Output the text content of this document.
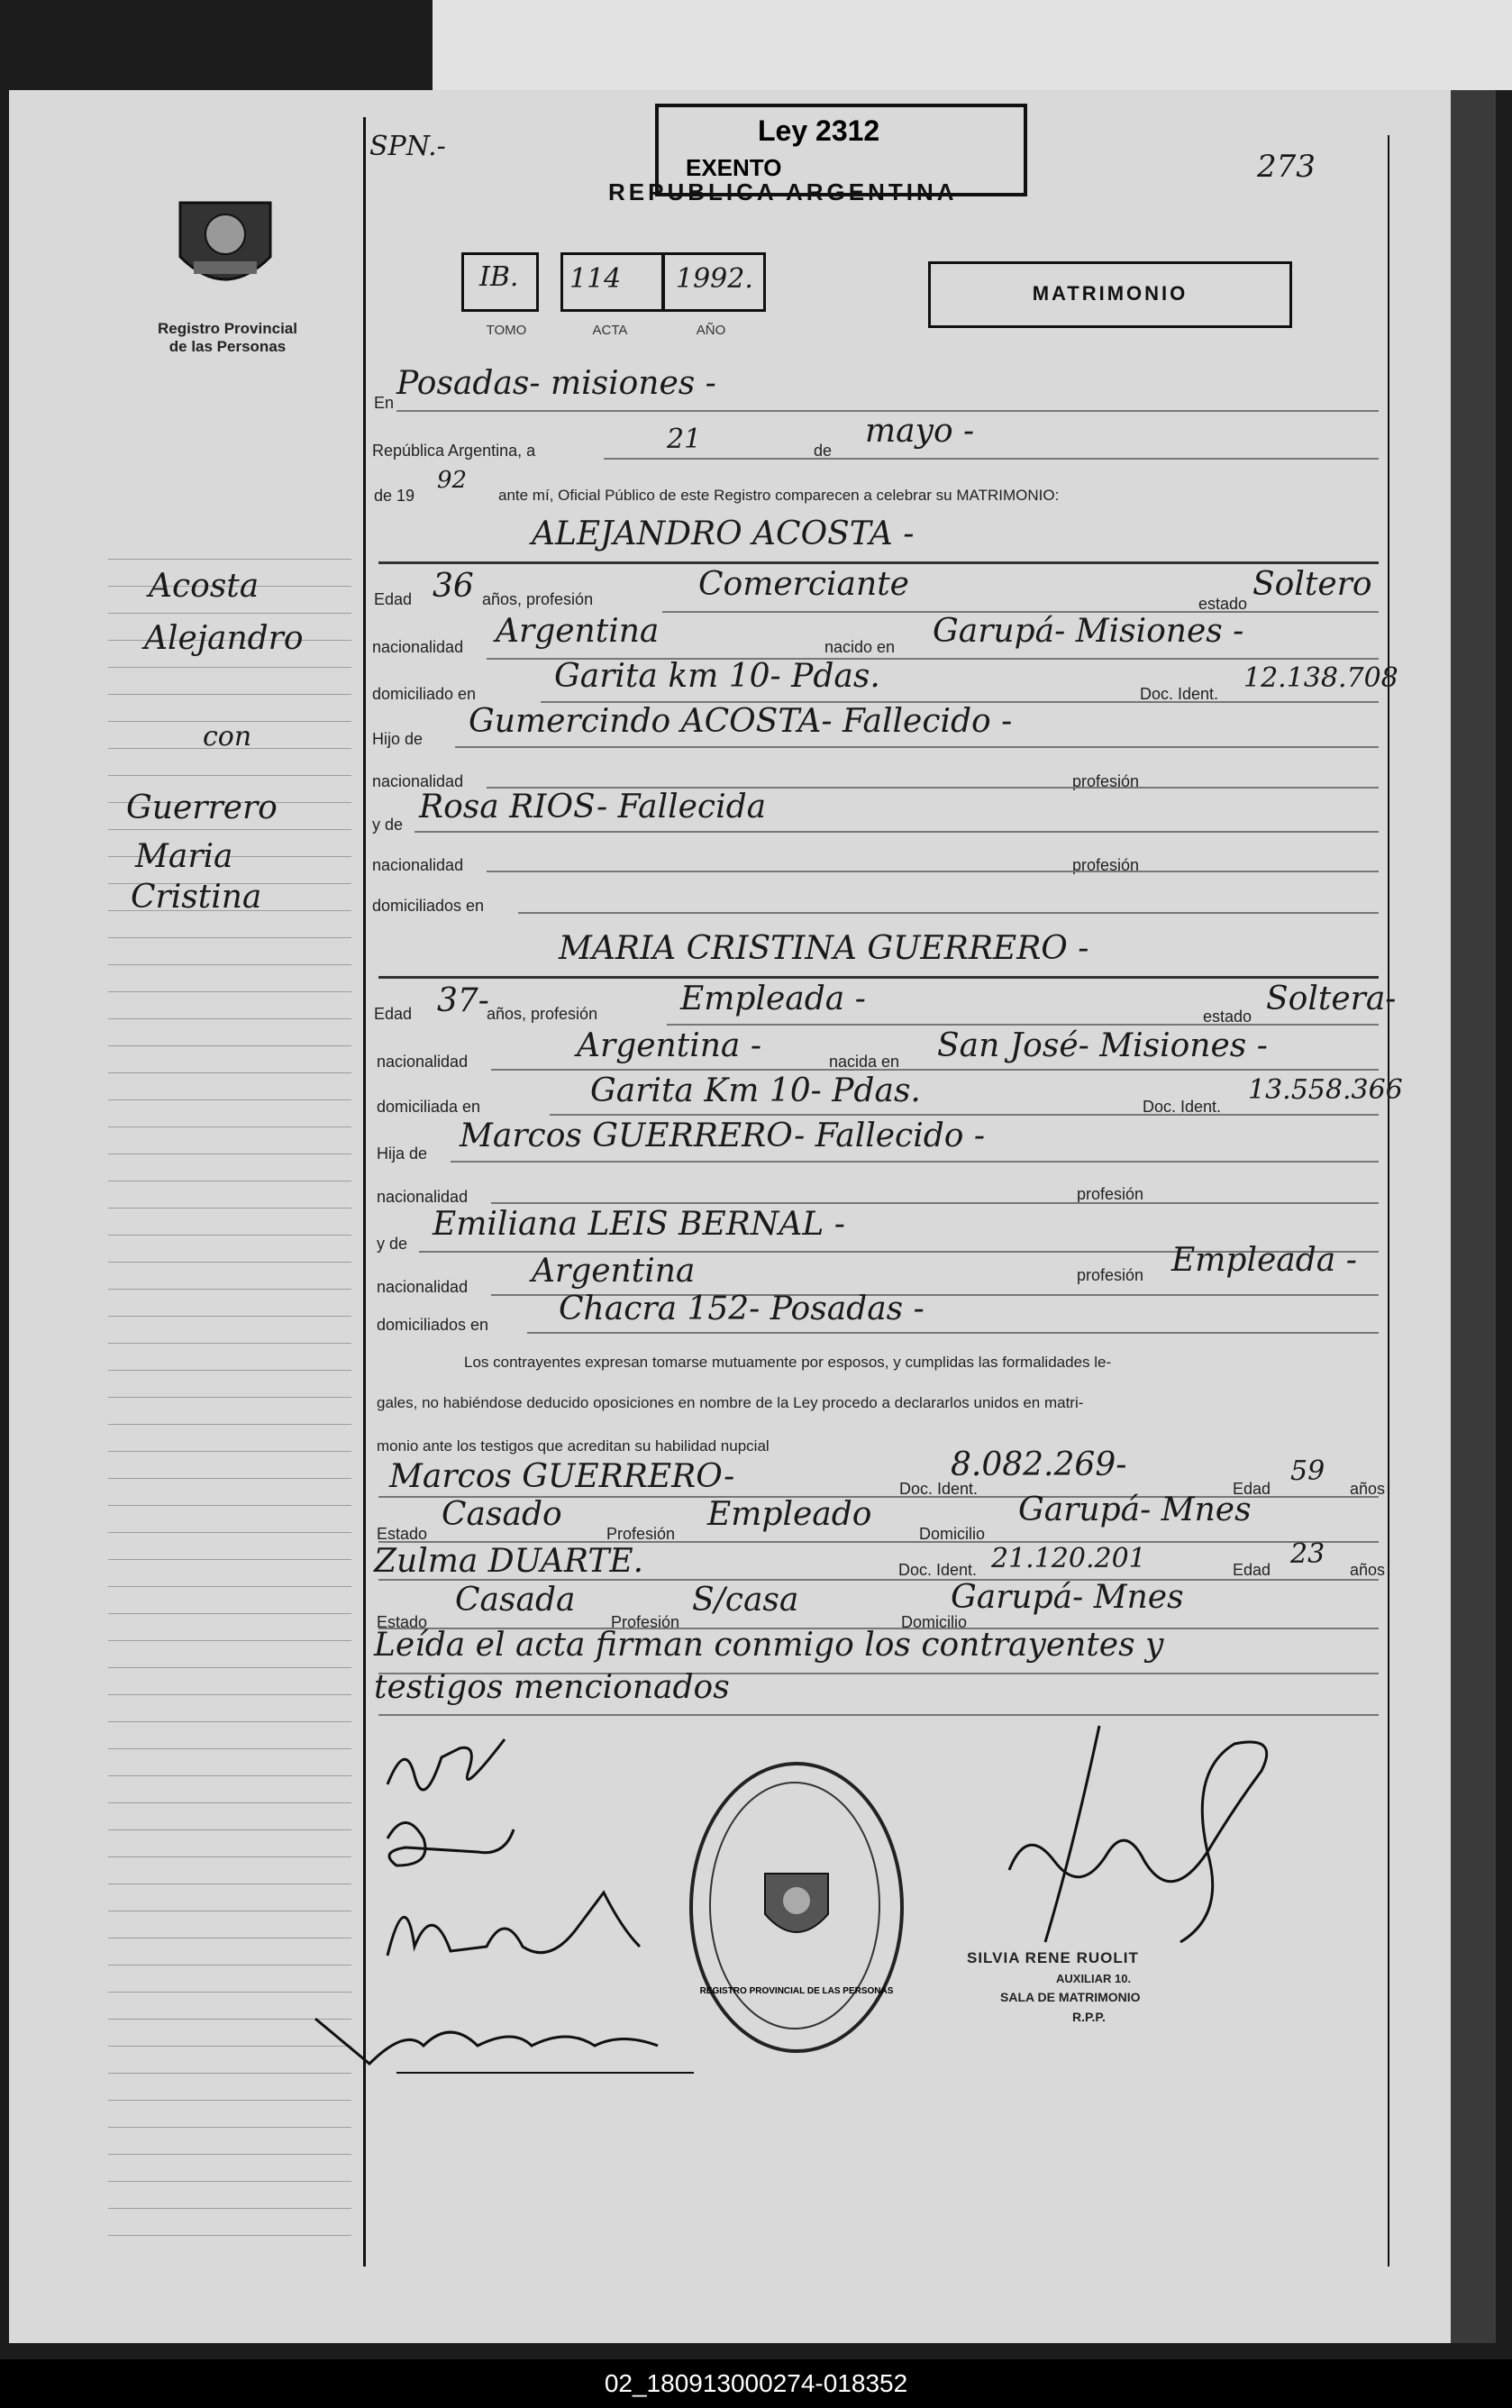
Registro Provincial
de las Personas
SPN.-	Ley 2312
EXENTO
REPUBLICA ARGENTINA
273
IB. 114 1992.
TOMO	ACTA	AÑO
MATRIMONIO
En
Posadas- misiones -
República Argentina, a	21	de
mayo -
de 19
92
ante mí, Oficial Público de este Registro comparecen a celebrar su MATRIMONIO:
Acosta
Alejandro
con
Guerrero
Maria
Cristina
ALEJANDRO ACOSTA -
Edad 36 años, profesión	Comerciante
estado
Soltero
nacionalidad Argentina	nacido en Garupá- Misiones -
domiciliado en Garita km 10- Pdas.	Doc. Ident. 12.138.708
Hijo de Gumercindo ACOSTA- Fallecido -
nacionalidad	profesión
y de Rosa RIOS- Fallecida
nacionalidad	profesión
domiciliados en
MARIA CRISTINA GUERRERO -
Edad 37-
años, profesión	Empleada -	estado Soltera-
nacionalidad	Argentina -	nacida en San José- Misiones -
domiciliada en	Garita Km 10- Pdas.	Doc. Ident.
13.558.366
Hija de Marcos GUERRERO- Fallecido -
nacionalidad	profesión
y de
Emiliana LEIS BERNAL -
nacionalidad Argentina	profesión Empleada -
domiciliados en Chacra 152- Posadas -
Los contrayentes expresan tomarse mutuamente por esposos, y cumplidas las formalidades le-
gales, no habiéndose deducido oposiciones en nombre de la Ley procedo a declararlos unidos en matri-
monio ante los testigos que acreditan su habilidad nupcial
Marcos GUERRERO-	Doc. Ident.
8.082.269-
Edad
59
años
Estado
Casado
Profesión
Empleado
Domicilio
Garupá- Mnes
Zulma DUARTE.	Doc. Ident. 21.120.201	Edad 23 años
Estado
Casada
Profesión
S/casa
Domicilio
Garupá- Mnes
Leída el acta firman conmigo los contrayentes y
testigos mencionados
REGISTRO PROVINCIAL DE LAS PERSONAS
SILVIA RENE RUOLIT
AUXILIAR 10.
SALA DE MATRIMONIO
R.P.P.
02_180913000274-018352
